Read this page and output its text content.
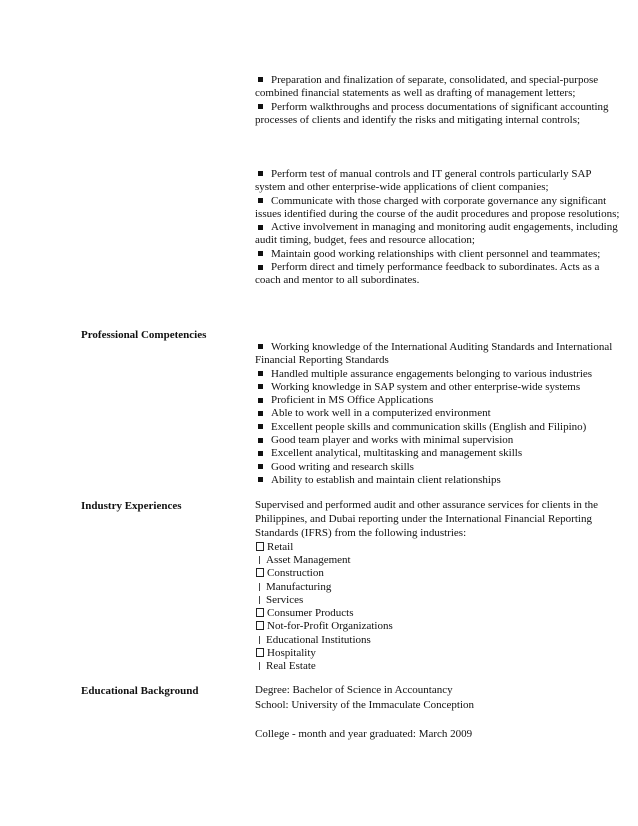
Preparation and finalization of separate, consolidated, and special-purpose combined financial statements as well as drafting of management letters;

Perform walkthroughs and process documentations of significant accounting processes of clients and identify the risks and mitigating internal controls;

Perform test of manual controls and IT general controls particularly SAP system and other enterprise-wide applications of client companies;

Communicate with those charged with corporate governance any significant issues identified during the course of the audit procedures and propose resolutions;

Active involvement in managing and monitoring audit engagements, including audit timing, budget, fees and resource allocation;

Maintain good working relationships with client personnel and teammates;

Perform direct and timely performance feedback to subordinates. Acts as a coach and mentor to all subordinates.

Professional Competencies

Working knowledge of the International Auditing Standards and International Financial Reporting Standards

Handled multiple assurance engagements belonging to various industries
Working knowledge in SAP system and other enterprise-wide systems
Proficient in MS Office Applications
Able to work well in a computerized environment
Excellent people skills and communication skills (English and Filipino)
Good team player and works with minimal supervision
Excellent analytical, multitasking and management skills
Good writing and research skills
Ability to establish and maintain client relationships
Industry Experiences	Supervised and performed audit and other assurance services for clients in the Philippines, and Dubai reporting under the International Financial Reporting Standards (IFRS) from the following industries:

Retail
Asset Management
Construction
Manufacturing
Services
Consumer Products
Not-for-Profit Organizations
Educational Institutions
Hospitality
Real Estate
Educational Background	Degree: Bachelor of Science in Accountancy
School: University of the Immaculate Conception
College - month and year graduated: March 2009
